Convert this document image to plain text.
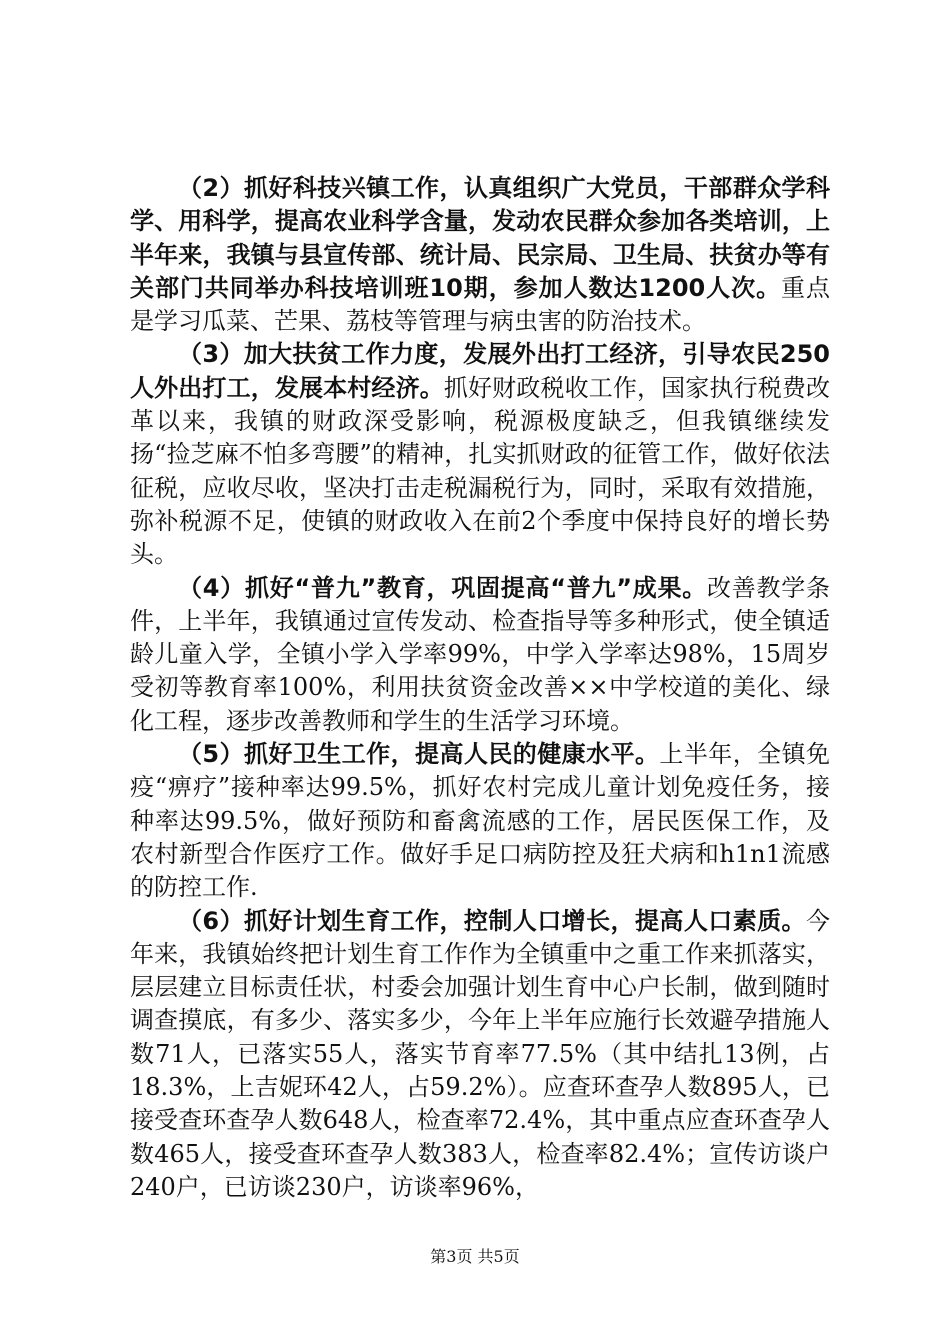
（2）抓好科技兴镇工作，认真组织广大党员，干部群众学科学、用科学，提高农业科学含量，发动农民群众参加各类培训，上半年来，我镇与县宣传部、统计局、民宗局、卫生局、扶贫办等有关部门共同举办科技培训班10期，参加人数达1200人次。重点是学习瓜菜、芒果、荔枝等管理与病虫害的防治技术。

（3）加大扶贫工作力度，发展外出打工经济，引导农民250人外出打工，发展本村经济。抓好财政税收工作，国家执行税费改革以来，我镇的财政深受影响，税源极度缺乏，但我镇继续发扬“捡芝麻不怕多弯腰”的精神，扎实抓财政的征管工作，做好依法征税，应收尽收，坚决打击走税漏税行为，同时，采取有效措施，弥补税源不足，使镇的财政收入在前2个季度中保持良好的增长势头。

（4）抓好“普九”教育，巩固提高“普九”成果。改善教学条件，上半年，我镇通过宣传发动、检查指导等多种形式，使全镇适龄儿童入学，全镇小学入学率99%，中学入学率达98%，15周岁受初等教育率100%，利用扶贫资金改善××中学校道的美化、绿化工程，逐步改善教师和学生的生活学习环境。

（5）抓好卫生工作，提高人民的健康水平。上半年，全镇免疫“痹疗”接种率达99.5%，抓好农村完成儿童计划免疫任务，接种率达99.5%，做好预防和畜禽流感的工作，居民医保工作，及农村新型合作医疗工作。做好手足口病防控及狂犬病和h1n1流感的防控工作.

（6）抓好计划生育工作，控制人口增长，提高人口素质。今年来，我镇始终把计划生育工作作为全镇重中之重工作来抓落实，层层建立目标责任状，村委会加强计划生育中心户长制，做到随时调查摸底，有多少、落实多少，今年上半年应施行长效避孕措施人数71人，已落实55人，落实节育率77.5%（其中结扎13例，占18.3%，上吉妮环42人，占59.2%）。应查环查孕人数895人，已接受查环查孕人数648人，检查率72.4%，其中重点应查环查孕人数465人，接受查环查孕人数383人，检查率82.4%；宣传访谈户240户，已访谈230户，访谈率96%，

第3页 共5页
